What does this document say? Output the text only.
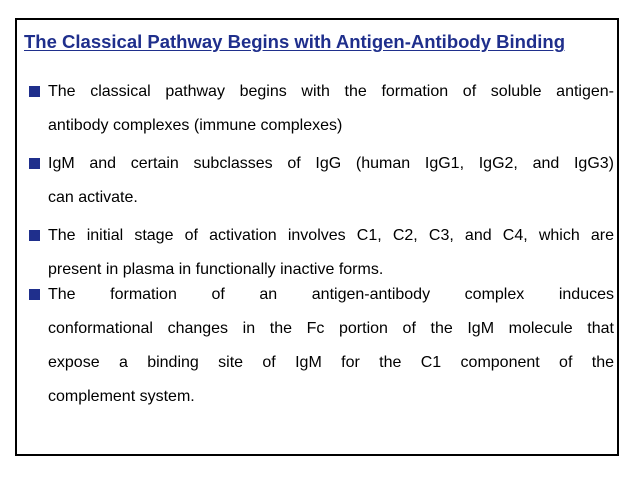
The Classical Pathway Begins with Antigen-Antibody Binding
The classical pathway begins with the formation of soluble antigen-
antibody complexes (immune complexes)
IgM and certain subclasses of IgG (human IgG1, IgG2, and IgG3)
can activate.
The initial stage of activation involves C1, C2, C3, and C4, which are
present in plasma in functionally inactive forms.
The formation of an antigen-antibody complex induces
conformational changes in the Fc portion of the IgM molecule that
expose a binding site of IgM for the C1 component of the
complement system.
